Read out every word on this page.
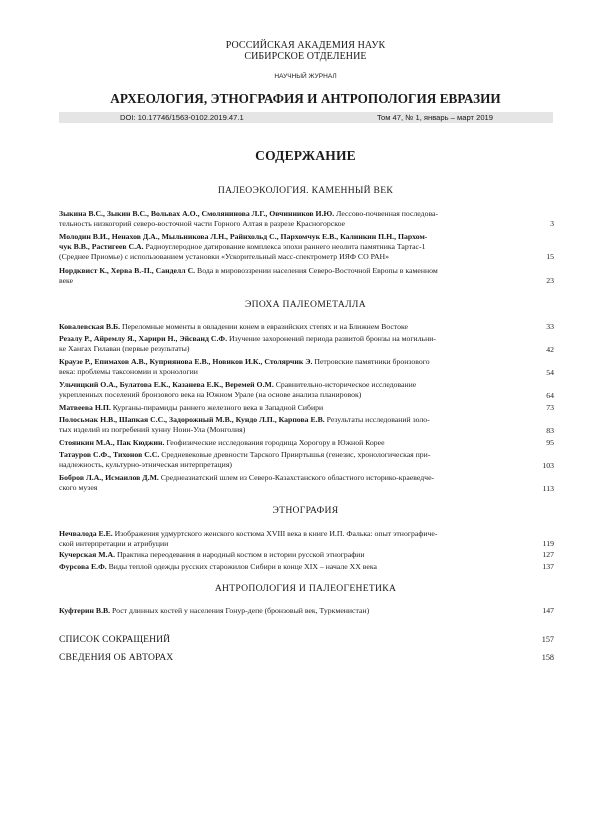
РОССИЙСКАЯ АКАДЕМИЯ НАУК
СИБИРСКОЕ ОТДЕЛЕНИЕ
НАУЧНЫЙ ЖУРНАЛ
АРХЕОЛОГИЯ, ЭТНОГРАФИЯ И АНТРОПОЛОГИЯ ЕВРАЗИИ
DOI: 10.17746/1563-0102.2019.47.1	Том 47, № 1, январь – март 2019
СОДЕРЖАНИЕ
ПАЛЕОЭКОЛОГИЯ. КАМЕННЫЙ ВЕК
Зыкина В.С., Зыкин В.С., Вольвах А.О., Смолянинова Л.Г., Овчинников И.Ю. Лессово-почвенная последова-
тельность низкогорий северо-восточной части Горного Алтая в разрезе Красногорское	3
Молодин В.И., Ненахов Д.А., Мыльникова Л.Н., Райнхольд С., Пархомчук Е.В., Калинкин П.Н., Пархом-
чук В.В., Растигеев С.А. Радиоуглеродное датирование комплекса эпохи раннего неолита памятника Тартас-1
(Среднее Приомье) с использованием установки «Ускорительный масс-спектрометр ИЯФ СО РАН»	15
Нордквист К., Херва В.-П., Санделл С. Вода в мировоззрении населения Северо-Восточной Европы в каменном
веке	23
ЭПОХА ПАЛЕОМЕТАЛЛА
Ковалевская В.Б. Переломные моменты в овладении конем в евразийских степях и на Ближнем Востоке	33
Резалу Р., Айремлу Я., Харири Н., Эйсванд С.Ф. Изучение захоронений периода развитой бронзы на могильни-
ке Хангах Гилаван (первые результаты)	42
Краузе Р., Епимахов А.В., Куприянова Е.В., Новиков И.К., Столярчик Э. Петровские памятники бронзового
века: проблемы таксономии и хронологии	54
Ульчицкий О.А., Булатова Е.К., Казанева Е.К., Веремей О.М. Сравнительно-историческое исследование
укрепленных поселений бронзового века на Южном Урале (на основе анализа планировок)	64
Матвеева Н.П. Курганы-пирамиды раннего железного века в Западной Сибири	73
Полосьмак Н.В., Шапкая С.С., Задорожный М.В., Кундо Л.П., Карпова Е.В. Результаты исследований золо-
тых изделий из погребений хунну Ноин-Ула (Монголия)	83
Стоянкин М.А., Пак Кюджин. Геофизические исследования городища Хорогору в Южной Корее	95
Татауров С.Ф., Тихонов С.С. Средневековые древности Тарского Прииртышья (генезис, хронологическая при-
надлежность, культурно-этническая интерпретация)	103
Бобров Л.А., Исмаилов Д.М. Среднеазиатский шлем из Северо-Казахстанского областного историко-краеведче-
ского музея	113
ЭТНОГРАФИЯ
Нечвалода Е.Е. Изображения удмуртского женского костюма XVIII века в книге И.П. Фалька: опыт этнографиче-
ской интерпретации и атрибуции	119
Кучерская М.А. Практика переодевания в народный костюм в истории русской этнографии	127
Фурсова Е.Ф. Виды теплой одежды русских старожилов Сибири в конце XIX – начале XX века	137
АНТРОПОЛОГИЯ И ПАЛЕОГЕНЕТИКА
Куфтерин В.В. Рост длинных костей у населения Гонур-депе (бронзовый век, Туркменистан)	147
СПИСОК СОКРАЩЕНИЙ	157
СВЕДЕНИЯ ОБ АВТОРАХ	158
